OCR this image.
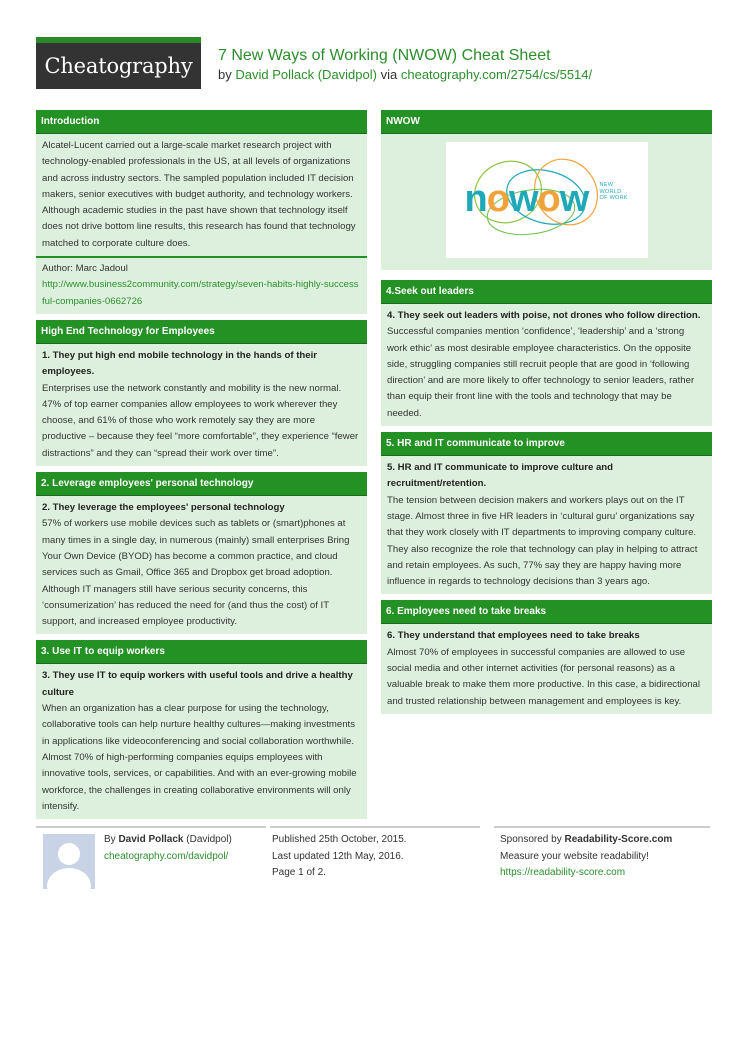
Cheatography	7 New Ways of Working (NWOW) Cheat Sheet
by David Pollack (Davidpol) via cheatography.com/2754/cs/5514/
Introduction

Alcatel-Lucent carried out a large-scale market research project with technology-enabled professionals in the US, at all levels of organizations and across industry sectors. The sampled population included IT decision makers, senior executives with budget authority, and technology workers. Although academic studies in the past have shown that technology itself does not drive bottom line results, this research has found that technology matched to corporate culture does.

Author: Marc Jadoul

http://www.business2community.com/strategy/seven-habits-highly-successful-companies-0662726

High End Technology for Employees

1. They put high end mobile technology in the hands of their employees.

Enterprises use the network constantly and mobility is the new normal. 47% of top earner companies allow employees to work wherever they choose, and 61% of those who work remotely say they are more productive – because they feel “more comfortable”, they experience “fewer distractions” and they can “spread their work over time”.

2. Leverage employees' personal technology

2. They leverage the employees' personal technology

57% of workers use mobile devices such as tablets or (smart)phones at many times in a single day, in numerous (mainly) small enterprises Bring Your Own Device (BYOD) has become a common practice, and cloud services such as Gmail, Office 365 and Dropbox get broad adoption. Although IT managers still have serious security concerns, this ‘consumerization’ has reduced the need for (and thus the cost) of IT support, and increased employee productivity.

3. Use IT to equip workers

3. They use IT to equip workers with useful tools and drive a healthy culture

When an organization has a clear purpose for using the technology, collaborative tools can help nurture healthy cultures—making investments in applications like videoconferencing and social collaboration worthwhile. Almost 70% of high-performing companies equips employees with innovative tools, services, or capabilities. And with an ever-growing mobile workforce, the challenges in creating collaborative environments will only intensify.

NWOW
nowow NEW
WORLD
OF WORK
4.Seek out leaders

4. They seek out leaders with poise, not drones who follow direction.

Successful companies mention ‘confidence’, ‘leadership’ and a ‘strong work ethic’ as most desirable employee characteristics. On the opposite side, struggling companies still recruit people that are good in ‘following direction’ and are more likely to offer technology to senior leaders, rather than equip their front line with the tools and technology that may be needed.

5. HR and IT communicate to improve

5. HR and IT communicate to improve culture and recruitment/retention.

The tension between decision makers and workers plays out on the IT stage. Almost three in five HR leaders in ‘cultural guru’ organizations say that they work closely with IT departments to improving company culture. They also recognize the role that technology can play in helping to attract and retain employees. As such, 77% say they are happy having more influence in regards to technology decisions than 3 years ago.

6. Employees need to take breaks

6. They understand that employees need to take breaks

Almost 70% of employees in successful companies are allowed to use social media and other internet activities (for personal reasons) as a valuable break to make them more productive. In this case, a bidirectional and trusted relationship between management and employees is key.

By David Pollack (Davidpol)
cheatography.com/davidpol/
Published 25th October, 2015.
Last updated 12th May, 2016.
Page 1 of 2.
Sponsored by Readability-Score.com
Measure your website readability!
https://readability-score.com
